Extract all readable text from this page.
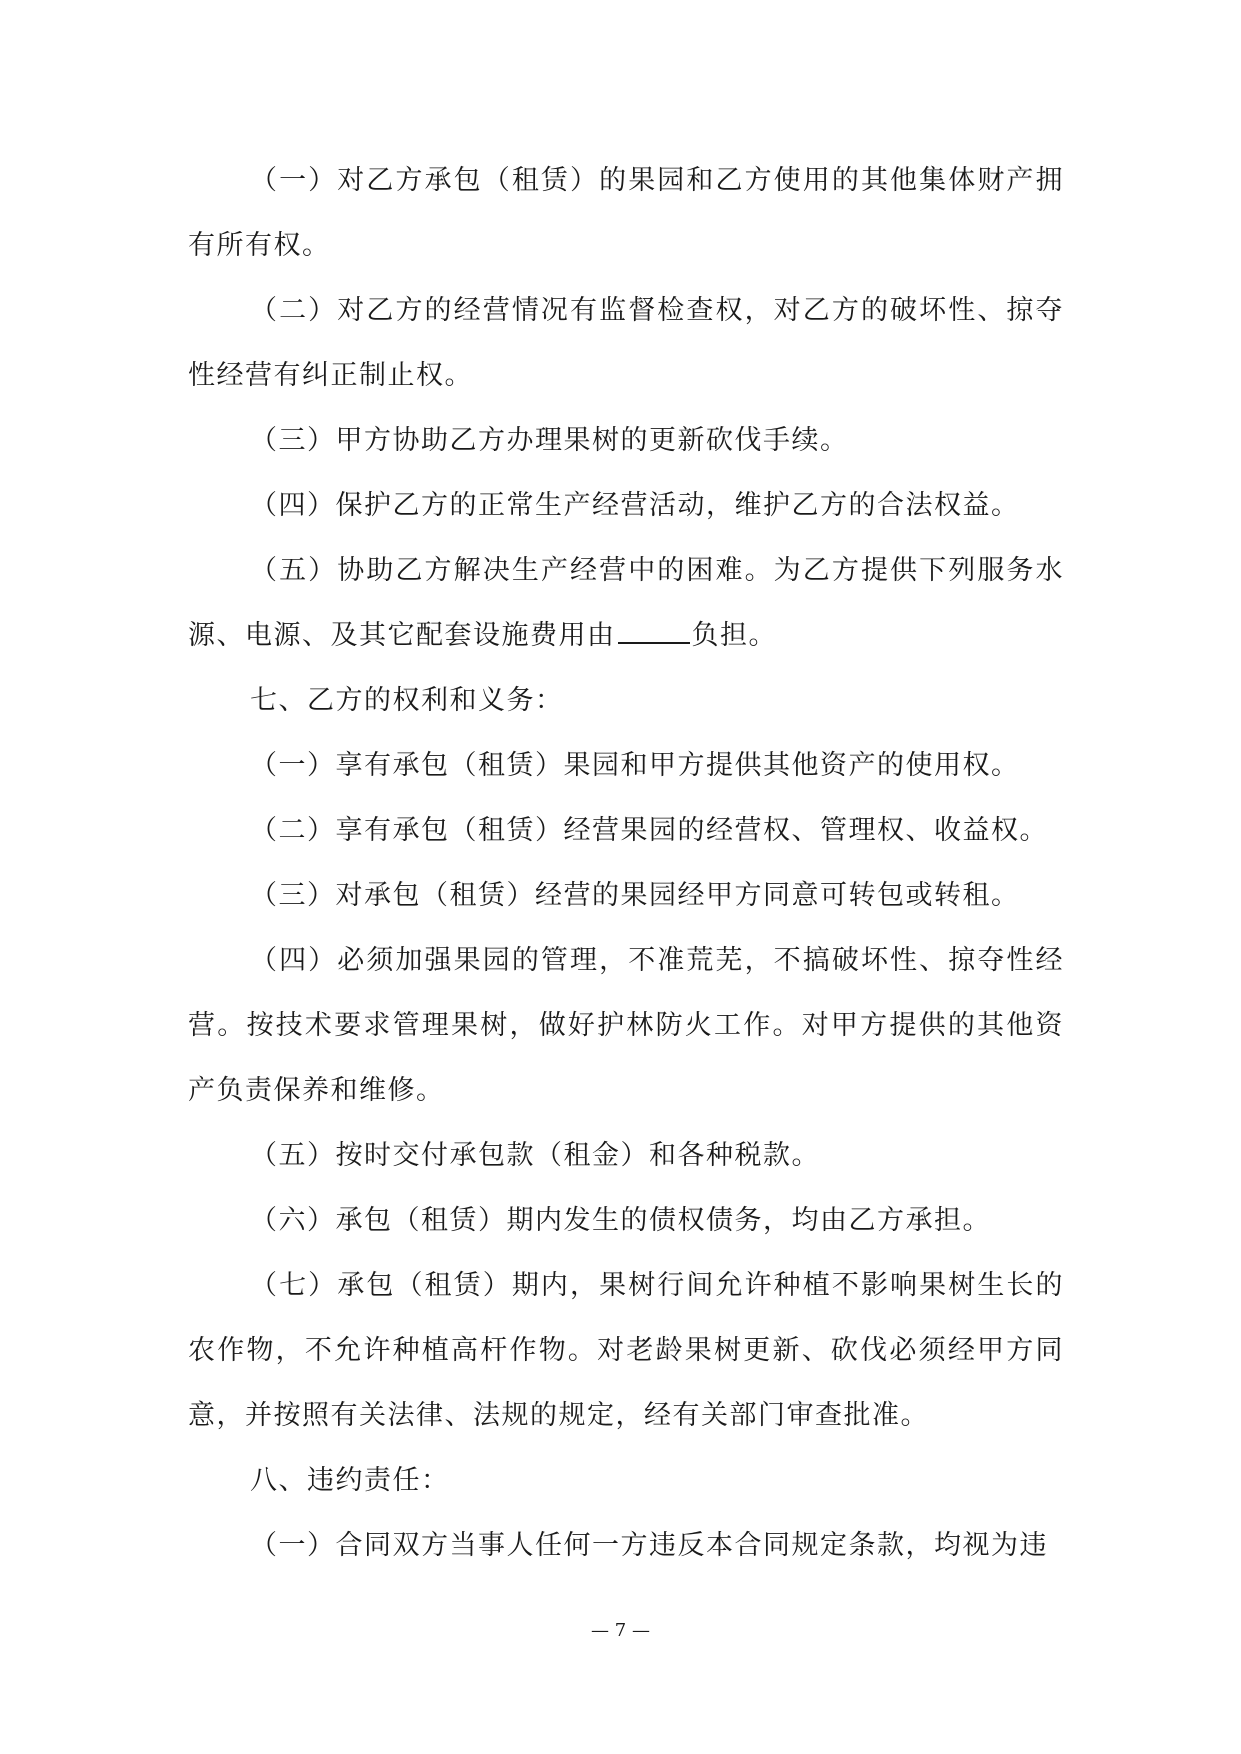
（一）对乙方承包（租赁）的果园和乙方使用的其他集体财产拥有所有权。

（二）对乙方的经营情况有监督检查权，对乙方的破坏性、掠夺性经营有纠正制止权。

（三）甲方协助乙方办理果树的更新砍伐手续。

（四）保护乙方的正常生产经营活动，维护乙方的合法权益。

（五）协助乙方解决生产经营中的困难。为乙方提供下列服务水源、电源、及其它配套设施费用由	负担。

七、乙方的权利和义务：

（一）享有承包（租赁）果园和甲方提供其他资产的使用权。

（二）享有承包（租赁）经营果园的经营权、管理权、收益权。

（三）对承包（租赁）经营的果园经甲方同意可转包或转租。

（四）必须加强果园的管理，不准荒芜，不搞破坏性、掠夺性经营。按技术要求管理果树，做好护林防火工作。对甲方提供的其他资产负责保养和维修。

（五）按时交付承包款（租金）和各种税款。

（六）承包（租赁）期内发生的债权债务，均由乙方承担。

（七）承包（租赁）期内，果树行间允许种植不影响果树生长的农作物，不允许种植高杆作物。对老龄果树更新、砍伐必须经甲方同意，并按照有关法律、法规的规定，经有关部门审查批准。

八、违约责任：

（一）合同双方当事人任何一方违反本合同规定条款，均视为违

— 7 —
